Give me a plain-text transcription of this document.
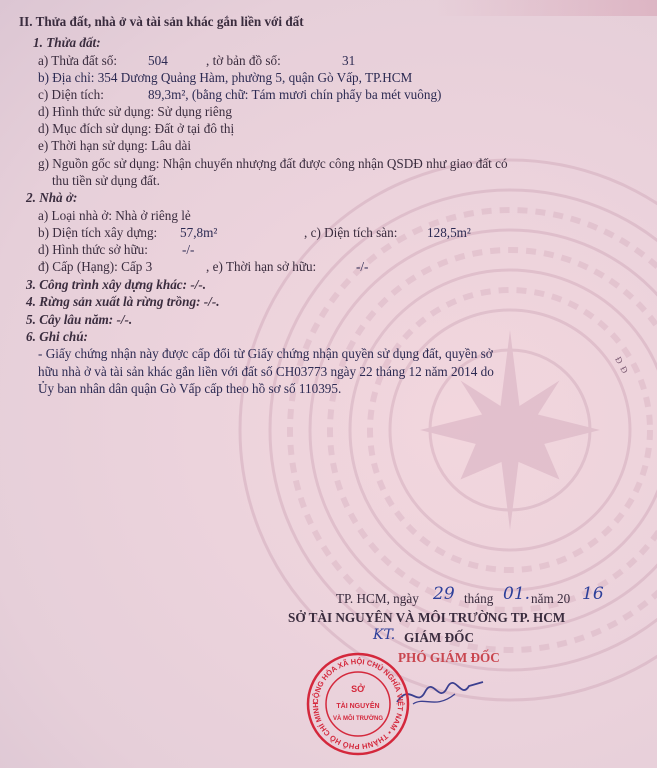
Đ Đ
II. Thửa đất, nhà ở và tài sản khác gắn liền với đất
1. Thửa đất:
a) Thửa đất số: 504	, tờ bản đồ số:	31
b) Địa chỉ: 354 Dương Quảng Hàm, phường 5, quận Gò Vấp, TP.HCM
c) Diện tích:	89,3m², (bằng chữ: Tám mươi chín phẩy ba mét vuông)
d) Hình thức sử dụng: Sử dụng riêng
d) Mục đích sử dụng: Đất ở tại đô thị
e) Thời hạn sử dụng: Lâu dài
g) Nguồn gốc sử dụng: Nhận chuyển nhượng đất được công nhận QSDĐ như giao đất có
thu tiền sử dụng đất.
2. Nhà ở:
a) Loại nhà ở: Nhà ở riêng lẻ
b) Diện tích xây dựng: 57,8m²	, c) Diện tích sàn: 128,5m²
d) Hình thức sở hữu:	-/-
đ) Cấp (Hạng): Cấp 3	, e) Thời hạn sở hữu:	-/-
3. Công trình xây dựng khác: -/-.
4. Rừng sản xuất là rừng trồng: -/-.
5. Cây lâu năm: -/-.
6. Ghi chú:
- Giấy chứng nhận này được cấp đổi từ Giấy chứng nhận quyền sử dụng đất, quyền sở
hữu nhà ở và tài sản khác gắn liền với đất số CH03773 ngày 22 tháng 12 năm 2014 do
Ủy ban nhân dân quận Gò Vấp cấp theo hồ sơ số 110395.
TP. HCM, ngày 29 tháng 01. năm 20 16
SỞ TÀI NGUYÊN VÀ MÔI TRƯỜNG TP. HCM
KT. GIÁM ĐỐC
PHÓ GIÁM ĐỐC
CỘNG HÒA XÃ HỘI CHỦ NGHĨA VIỆT NAM • THÀNH PHỐ HỒ CHÍ MINH
SỞ
TÀI NGUYÊN
VÀ MÔI TRƯỜNG
